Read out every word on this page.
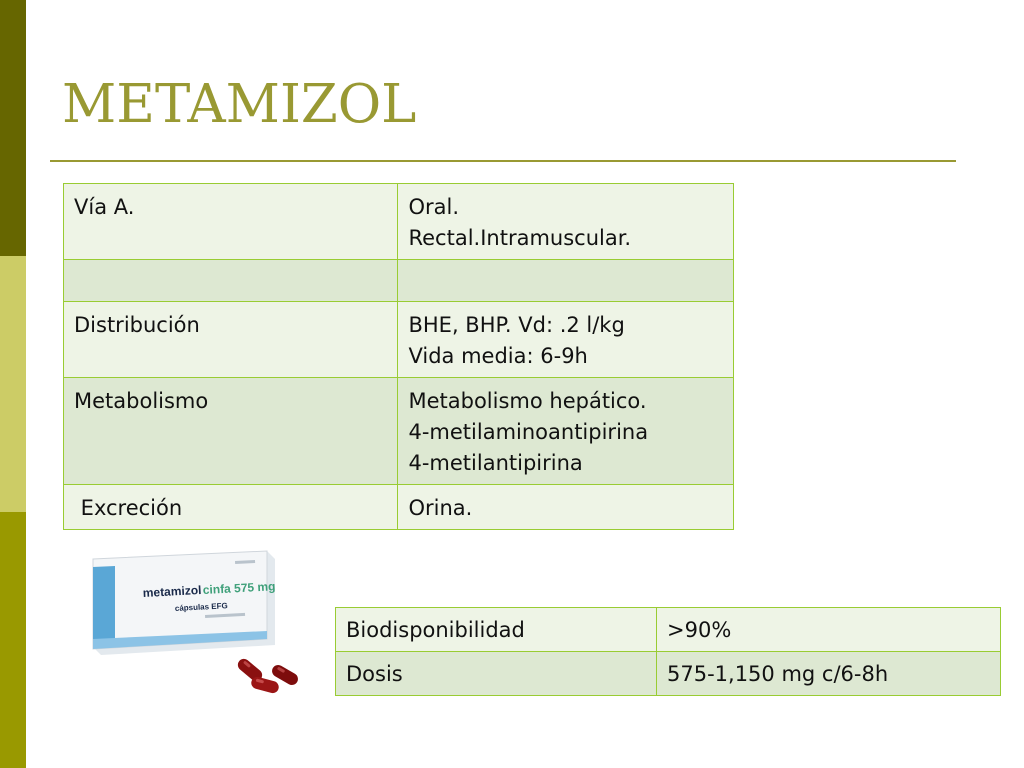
METAMIZOL
Vía A.	Oral.
Rectal.Intramuscular.

Distribución	BHE, BHP. Vd: .2 l/kg
Vida media: 6-9h

Metabolismo	Metabolismo hepático.
4-metilaminoantipirina
4-metilantipirina

Excreción	Orina.
metamizol cinfa 575 mg
cápsulas EFG
Biodisponibilidad	>90%
Dosis	575-1,150 mg c/6-8h
